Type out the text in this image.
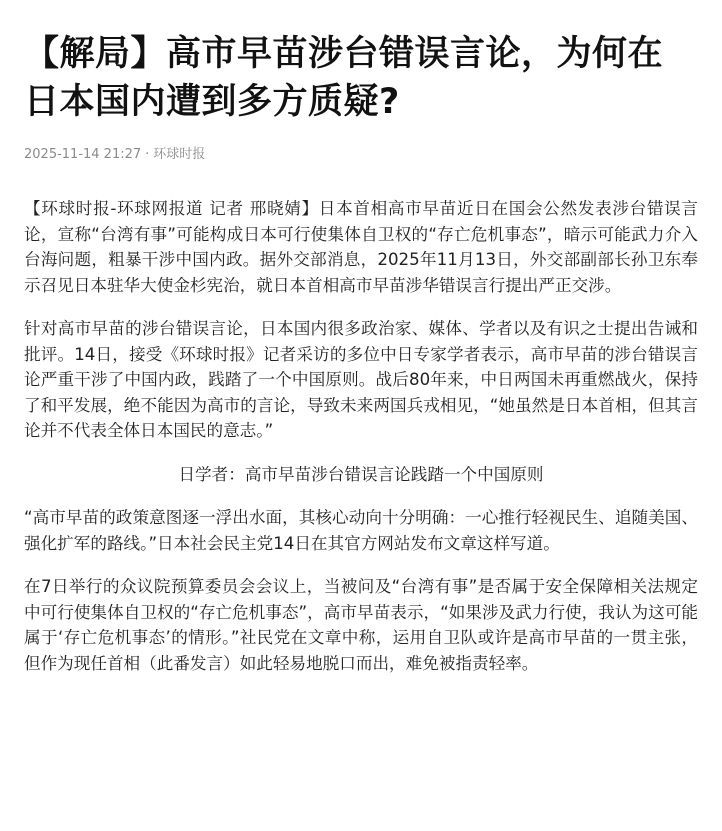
【解局】高市早苗涉台错误言论，为何在日本国内遭到多方质疑?
2025-11-14 21:27 · 环球时报

【环球时报-环球网报道 记者 邢晓婧】日本首相高市早苗近日在国会公然发表涉台错误言论，宣称“台湾有事”可能构成日本可行使集体自卫权的“存亡危机事态”，暗示可能武力介入台海问题，粗暴干涉中国内政。据外交部消息，2025年11月13日，外交部副部长孙卫东奉示召见日本驻华大使金杉宪治，就日本首相高市早苗涉华错误言行提出严正交涉。

针对高市早苗的涉台错误言论，日本国内很多政治家、媒体、学者以及有识之士提出告诫和批评。14日，接受《环球时报》记者采访的多位中日专家学者表示，高市早苗的涉台错误言论严重干涉了中国内政，践踏了一个中国原则。战后80年来，中日两国未再重燃战火，保持了和平发展，绝不能因为高市的言论，导致未来两国兵戎相见，“她虽然是日本首相，但其言论并不代表全体日本国民的意志。”

日学者：高市早苗涉台错误言论践踏一个中国原则

“高市早苗的政策意图逐一浮出水面，其核心动向十分明确：一心推行轻视民生、追随美国、强化扩军的路线。”日本社会民主党14日在其官方网站发布文章这样写道。

在7日举行的众议院预算委员会会议上，当被问及“台湾有事”是否属于安全保障相关法规定中可行使集体自卫权的“存亡危机事态”，高市早苗表示，“如果涉及武力行使，我认为这可能属于‘存亡危机事态’的情形。”社民党在文章中称，运用自卫队或许是高市早苗的一贯主张，但作为现任首相（此番发言）如此轻易地脱口而出，难免被指责轻率。
